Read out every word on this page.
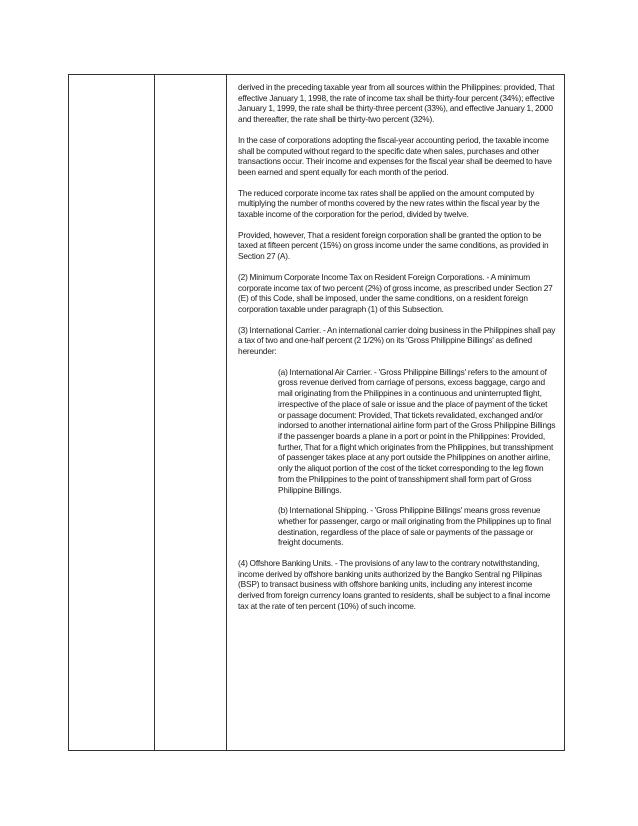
derived in the preceding taxable year from all sources within the Philippines: provided, That effective January 1, 1998, the rate of income tax shall be thirty-four percent (34%); effective January 1, 1999, the rate shall be thirty-three percent (33%), and effective January 1, 2000 and thereafter, the rate shall be thirty-two percent (32%).

In the case of corporations adopting the fiscal-year accounting period, the taxable income shall be computed without regard to the specific date when sales, purchases and other transactions occur. Their income and expenses for the fiscal year shall be deemed to have been earned and spent equally for each month of the period.

The reduced corporate income tax rates shall be applied on the amount computed by multiplying the number of months covered by the new rates within the fiscal year by the taxable income of the corporation for the period, divided by twelve.

Provided, however, That a resident foreign corporation shall be granted the option to be taxed at fifteen percent (15%) on gross income under the same conditions, as provided in Section 27 (A).

(2) Minimum Corporate Income Tax on Resident Foreign Corporations. - A minimum corporate income tax of two percent (2%) of gross income, as prescribed under Section 27 (E) of this Code, shall be imposed, under the same conditions, on a resident foreign corporation taxable under paragraph (1) of this Subsection.

(3) International Carrier. - An international carrier doing business in the Philippines shall pay a tax of two and one-half percent (2 1/2%) on its 'Gross Philippine Billings' as defined hereunder:

(a) International Air Carrier. - 'Gross Philippine Billings' refers to the amount of gross revenue derived from carriage of persons, excess baggage, cargo and mail originating from the Philippines in a continuous and uninterrupted flight, irrespective of the place of sale or issue and the place of payment of the ticket or passage document: Provided, That tickets revalidated, exchanged and/or indorsed to another international airline form part of the Gross Philippine Billings if the passenger boards a plane in a port or point in the Philippines: Provided, further, That for a flight which originates from the Philippines, but transshipment of passenger takes place at any port outside the Philippines on another airline, only the aliquot portion of the cost of the ticket corresponding to the leg flown from the Philippines to the point of transshipment shall form part of Gross Philippine Billings.

(b) International Shipping. - 'Gross Philippine Billings' means gross revenue whether for passenger, cargo or mail originating from the Philippines up to final destination, regardless of the place of sale or payments of the passage or freight documents.

(4) Offshore Banking Units. - The provisions of any law to the contrary notwithstanding, income derived by offshore banking units authorized by the Bangko Sentral ng Pilipinas (BSP) to transact business with offshore banking units, including any interest income derived from foreign currency loans granted to residents, shall be subject to a final income tax at the rate of ten percent (10%) of such income.
